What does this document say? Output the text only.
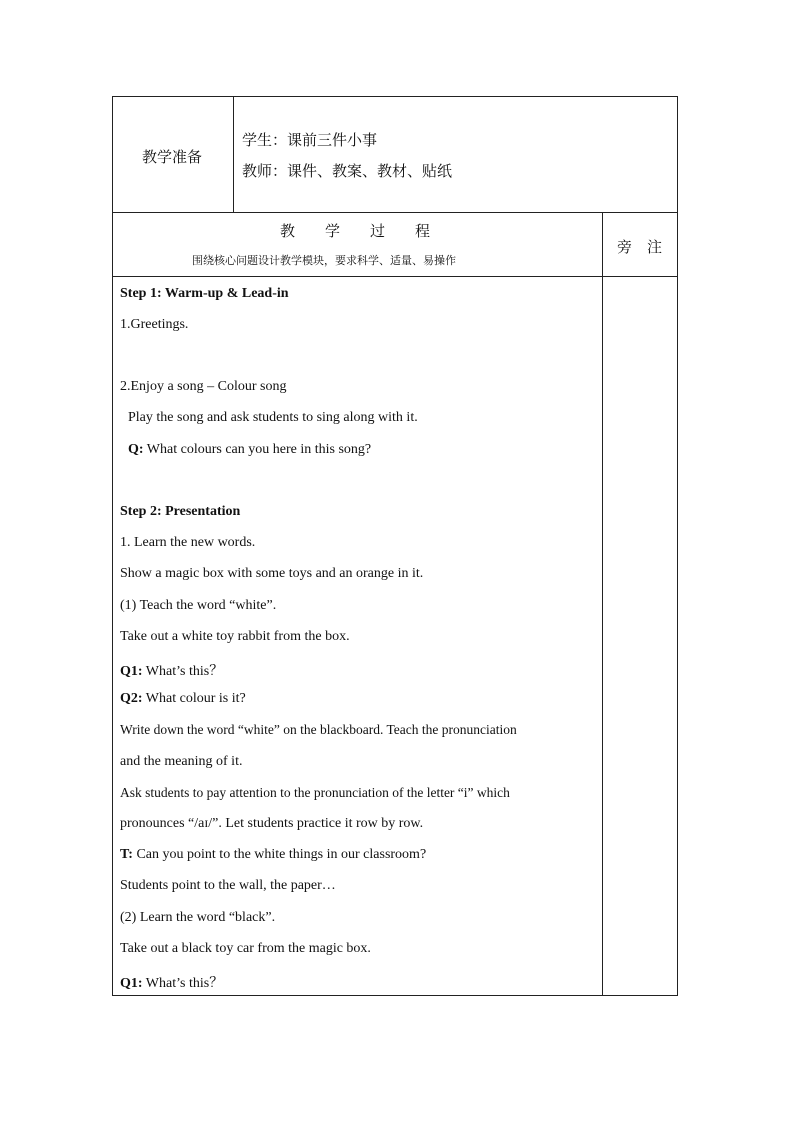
教学准备
学生：课前三件小事
教师：课件、教案、教材、贴纸
教　　学　　过　　程
围绕核心问题设计教学模块，要求科学、适量、易操作
旁　注
Step 1: Warm-up & Lead-in
1.Greetings.
2.Enjoy a song – Colour song
Play the song and ask students to sing along with it.
Q: What colours can you here in this song?
Step 2: Presentation
1. Learn the new words.
Show a magic box with some toys and an orange in it.
(1) Teach the word “white”.
Take out a white toy rabbit from the box.
Q1: What’s this？
Q2: What colour is it?
Write down the word “white” on the blackboard. Teach the pronunciation
and the meaning of it.
Ask students to pay attention to the pronunciation of the letter “i” which
pronounces “/aɪ/”. Let students practice it row by row.
T: Can you point to the white things in our classroom?
Students point to the wall, the paper…
(2) Learn the word “black”.
Take out a black toy car from the magic box.
Q1: What’s this？
